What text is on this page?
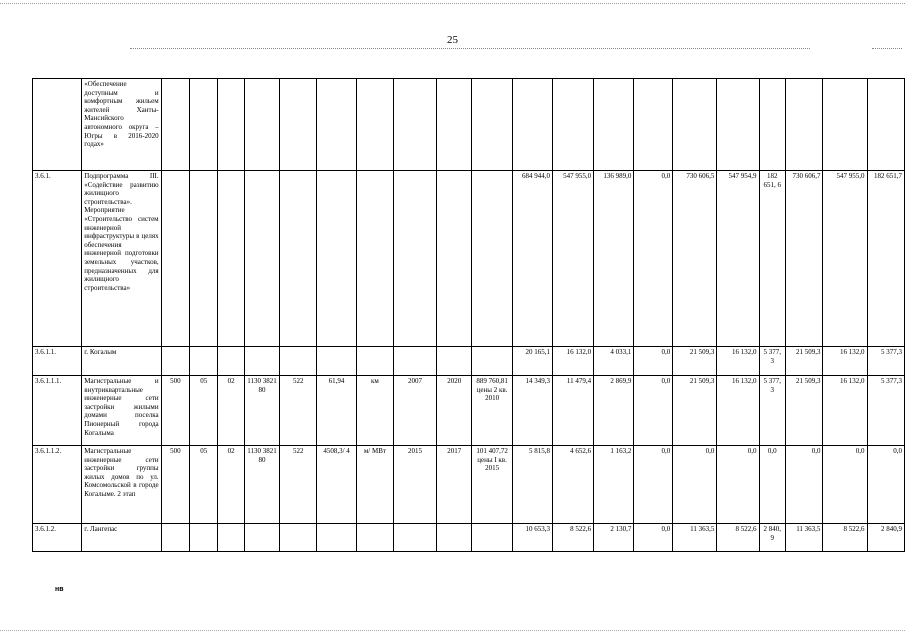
25
	«Обеспечение доступным и комфортным жильем жителей Ханты-Мансийского автономного округа – Югры в 2016-2020 годах»																				
3.6.1.	Подпрограмма III. «Содействие развитию жилищного строительства». Мероприятие «Строительство систем инженерной инфраструктуры в целях обеспечения инженерной подготовки земельных участков, предназначенных для жилищного строительства»											684 944,0	547 955,0	136 989,0	0,0	730 606,5	547 954,9	182 651, 6	730 606,7	547 955,0	182 651,7
3.6.1.1.	г. Когалым											20 165,1	16 132,0	4 033,1	0,0	21 509,3	16 132,0	5 377, 3	21 509,3	16 132,0	5 377,3
3.6.1.1.1.	Магистральные и внутриквартальные инженерные сети застройки жилыми домами поселка Пионерный города Когалыма	500	05	02	1130 3821 80	522	61,94	км	2007	2020	889 760,81 цены 2 кв. 2010	14 349,3	11 479,4	2 869,9	0,0	21 509,3	16 132,0	5 377, 3	21 509,3	16 132,0	5 377,3
3.6.1.1.2.	Магистральные инженерные сети застройки группы жилых домов по ул. Комсомольской в городе Когалыме. 2 этап	500	05	02	1130 3821 80	522	4508,3/ 4	м/ МВт	2015	2017	101 407,72 цены I кв. 2015	5 815,8	4 652,6	1 163,2	0,0	0,0	0,0	0,0	0,0	0,0	0,0
3.6.1.2.	г. Лангепас											10 653,3	8 522,6	2 130,7	0,0	11 363,5	8 522,6	2 840, 9	11 363,5	8 522,6	2 840,9
нв
